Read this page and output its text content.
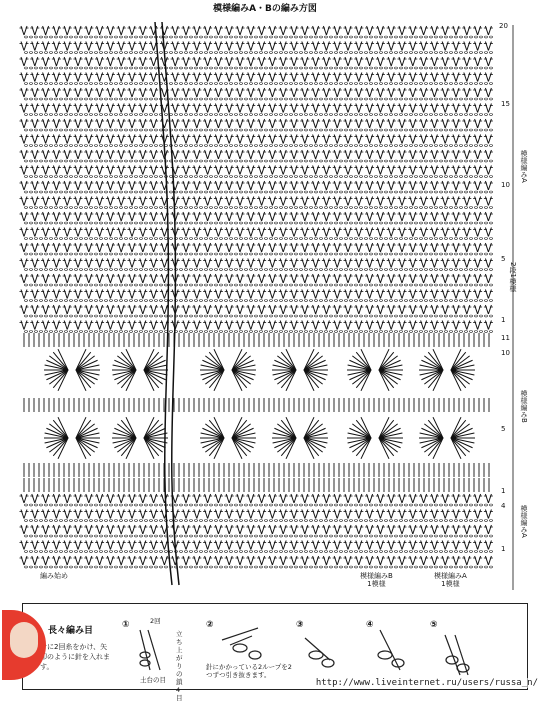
模様編みA・Bの編み方図
20
15
10
5
1
11
10
5
1
4
1
模様編みA
2段1模様
模様編みB
模様編みA
編み始め	模様編みB
1模様
模様編みA
1模様
長々編み目
針に2回糸をかけ、矢印のように針を入れます。
①	②	③	④	⑤
2回
立ち上がりの鎖4目
土台の目
針にかかっている2ループを2つずつ引き抜きます。
http://www.liveinternet.ru/users/russa_n/
